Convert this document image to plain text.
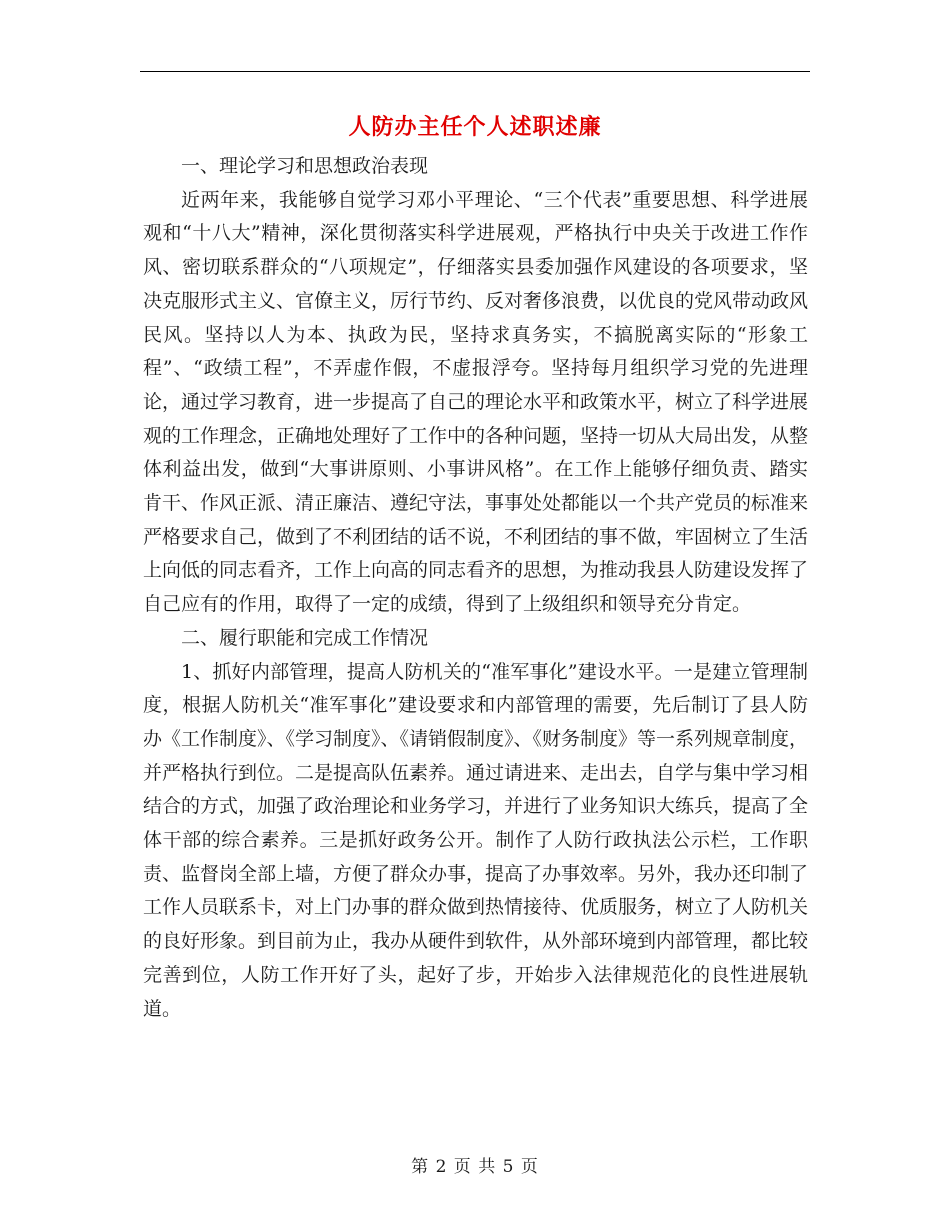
人防办主任个人述职述廉

一、理论学习和思想政治表现

近两年来，我能够自觉学习邓小平理论、“三个代表”重要思想、科学进展观和“十八大”精神，深化贯彻落实科学进展观，严格执行中央关于改进工作作风、密切联系群众的“八项规定”，仔细落实县委加强作风建设的各项要求，坚决克服形式主义、官僚主义，厉行节约、反对奢侈浪费，以优良的党风带动政风民风。坚持以人为本、执政为民，坚持求真务实，不搞脱离实际的“形象工程”、“政绩工程”，不弄虚作假，不虚报浮夸。坚持每月组织学习党的先进理论，通过学习教育，进一步提高了自己的理论水平和政策水平，树立了科学进展观的工作理念，正确地处理好了工作中的各种问题，坚持一切从大局出发，从整体利益出发，做到“大事讲原则、小事讲风格”。在工作上能够仔细负责、踏实肯干、作风正派、清正廉洁、遵纪守法，事事处处都能以一个共产党员的标准来严格要求自己，做到了不利团结的话不说，不利团结的事不做，牢固树立了生活上向低的同志看齐，工作上向高的同志看齐的思想，为推动我县人防建设发挥了自己应有的作用，取得了一定的成绩，得到了上级组织和领导充分肯定。

二、履行职能和完成工作情况

1、抓好内部管理，提高人防机关的“准军事化”建设水平。一是建立管理制度，根据人防机关“准军事化”建设要求和内部管理的需要，先后制订了县人防办《工作制度》、《学习制度》、《请销假制度》、《财务制度》等一系列规章制度，并严格执行到位。二是提高队伍素养。通过请进来、走出去，自学与集中学习相结合的方式，加强了政治理论和业务学习，并进行了业务知识大练兵，提高了全体干部的综合素养。三是抓好政务公开。制作了人防行政执法公示栏，工作职责、监督岗全部上墙，方便了群众办事，提高了办事效率。另外，我办还印制了工作人员联系卡，对上门办事的群众做到热情接待、优质服务，树立了人防机关的良好形象。到目前为止，我办从硬件到软件，从外部环境到内部管理，都比较完善到位，人防工作开好了头，起好了步，开始步入法律规范化的良性进展轨道。

第 2 页 共 5 页
